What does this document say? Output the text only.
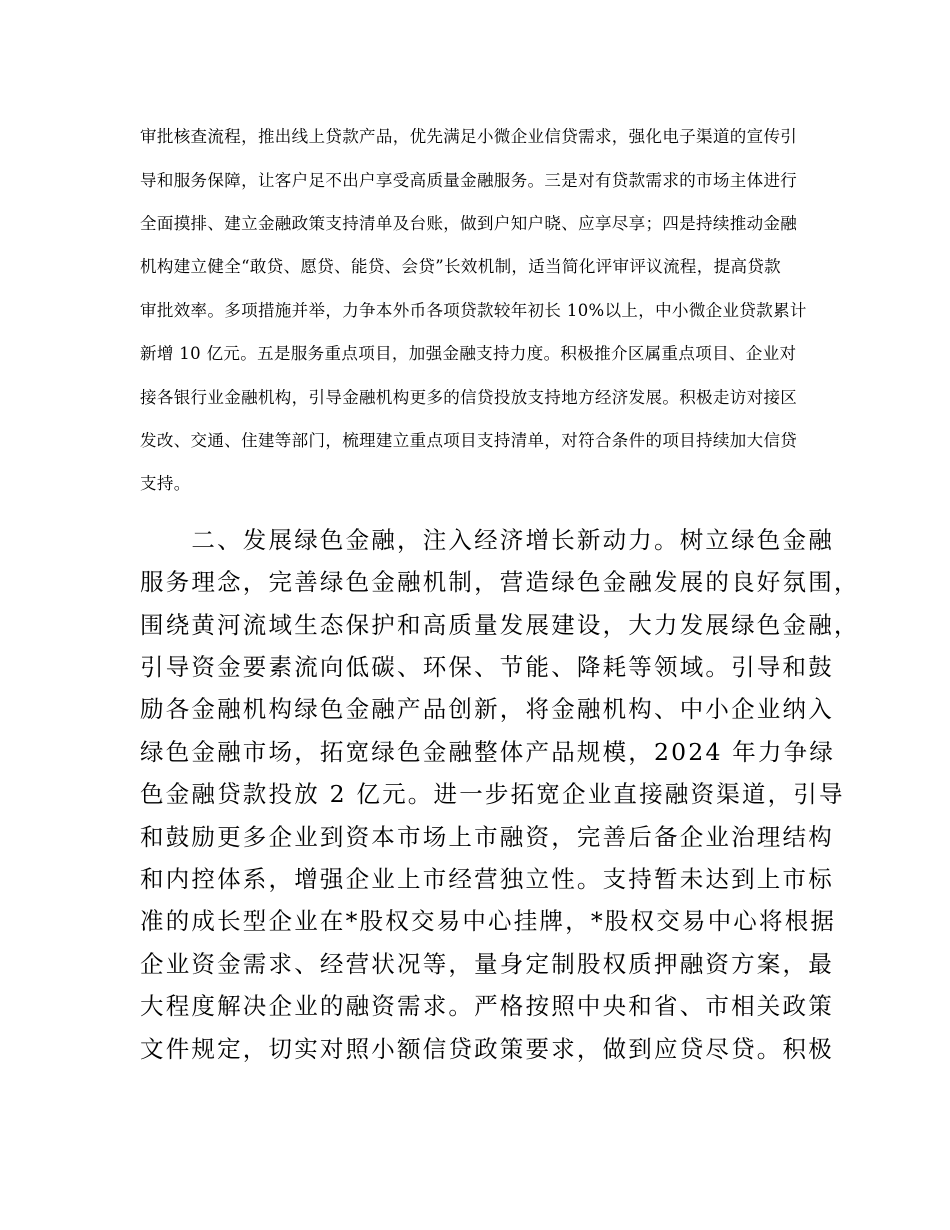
审批核查流程，推出线上贷款产品，优先满足小微企业信贷需求，强化电子渠道的宣传引
导和服务保障，让客户足不出户享受高质量金融服务。三是对有贷款需求的市场主体进行
全面摸排、建立金融政策支持清单及台账，做到户知户晓、应享尽享；四是持续推动金融
机构建立健全“敢贷、愿贷、能贷、会贷”长效机制，适当简化评审评议流程，提高贷款
审批效率。多项措施并举，力争本外币各项贷款较年初长 10%以上，中小微企业贷款累计
新增 10 亿元。五是服务重点项目，加强金融支持力度。积极推介区属重点项目、企业对
接各银行业金融机构，引导金融机构更多的信贷投放支持地方经济发展。积极走访对接区
发改、交通、住建等部门，梳理建立重点项目支持清单，对符合条件的项目持续加大信贷
支持。
　　二、发展绿色金融，注入经济增长新动力。树立绿色金融
服务理念，完善绿色金融机制，营造绿色金融发展的良好氛围，
围绕黄河流域生态保护和高质量发展建设，大力发展绿色金融，
引导资金要素流向低碳、环保、节能、降耗等领域。引导和鼓
励各金融机构绿色金融产品创新，将金融机构、中小企业纳入
绿色金融市场，拓宽绿色金融整体产品规模，2024 年力争绿
色金融贷款投放 2 亿元。进一步拓宽企业直接融资渠道，引导
和鼓励更多企业到资本市场上市融资，完善后备企业治理结构
和内控体系，增强企业上市经营独立性。支持暂未达到上市标
准的成长型企业在*股权交易中心挂牌，*股权交易中心将根据
企业资金需求、经营状况等，量身定制股权质押融资方案，最
大程度解决企业的融资需求。严格按照中央和省、市相关政策
文件规定，切实对照小额信贷政策要求，做到应贷尽贷。积极
